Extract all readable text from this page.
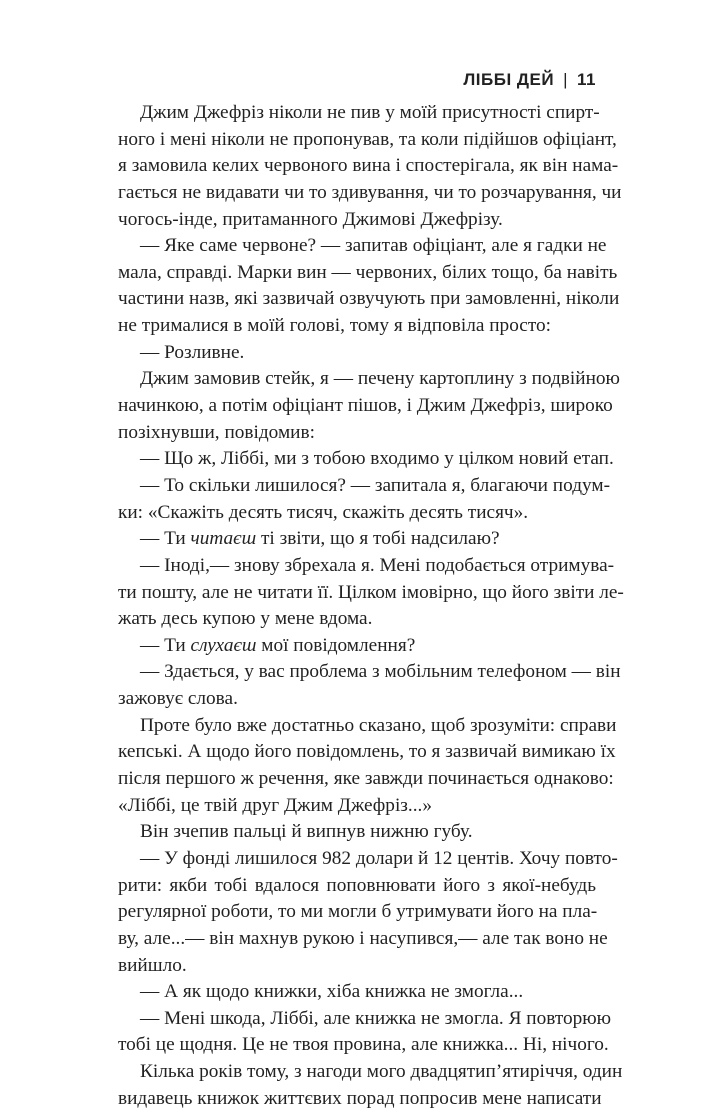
ЛІББІ ДЕЙ | 11
Джим Джефріз ніколи не пив у моїй присутності спирт-
ного і мені ніколи не пропонував, та коли підійшов офіціант,
я замовила келих червоного вина і спостерігала, як він нама-
гається не видавати чи то здивування, чи то розчарування, чи
чогось-інде, притаманного Джимові Джефрізу.
— Яке саме червоне? — запитав офіціант, але я гадки не
мала, справді. Марки вин — червоних, білих тощо, ба навіть
частини назв, які зазвичай озвучують при замовленні, ніколи
не трималися в моїй голові, тому я відповіла просто:
— Розливне.
Джим замовив стейк, я — печену картоплину з подвійною
начинкою, а потім офіціант пішов, і Джим Джефріз, широко
позіхнувши, повідомив:
— Що ж, Ліббі, ми з тобою входимо у цілком новий етап.
— То скільки лишилося? — запитала я, благаючи подум-
ки: «Скажіть десять тисяч, скажіть десять тисяч».
— Ти читаєш ті звіти, що я тобі надсилаю?
— Іноді,— знову збрехала я. Мені подобається отримува-
ти пошту, але не читати її. Цілком імовірно, що його звіти ле-
жать десь купою у мене вдома.
— Ти слухаєш мої повідомлення?
— Здається, у вас проблема з мобільним телефоном — він
зажовує слова.
Проте було вже достатньо сказано, щоб зрозуміти: справи
кепські. А щодо його повідомлень, то я зазвичай вимикаю їх
після першого ж речення, яке завжди починається однаково:
«Ліббі, це твій друг Джим Джефріз...»
Він зчепив пальці й випнув нижню губу.
— У фонді лишилося 982 долари й 12 центів. Хочу повто-
рити: якби тобі вдалося поповнювати його з якої-небудь
регулярної роботи, то ми могли б утримувати його на пла-
ву, але...— він махнув рукою і насупився,— але так воно не
вийшло.
— А як щодо книжки, хіба книжка не змогла...
— Мені шкода, Ліббі, але книжка не змогла. Я повторюю
тобі це щодня. Це не твоя провина, але книжка... Ні, нічого.
Кілька років тому, з нагоди мого двадцятип’ятиріччя, один
видавець книжок життєвих порад попросив мене написати
